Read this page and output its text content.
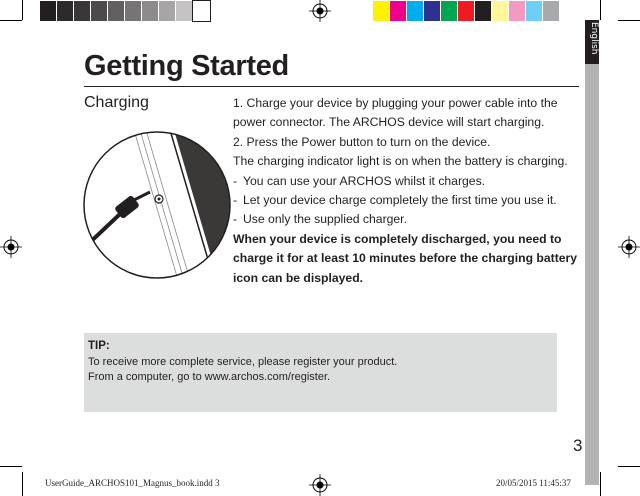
English
Getting Started
Charging	1. Charge your device by plugging your power cable into the power connector. The ARCHOS device will start charging.

2. Press the Power button to turn on the device.

The charging indicator light is on when the battery is charging.

- You can use your ARCHOS whilst it charges.
- Let your device charge completely the first time you use it.
- Use only the supplied charger.

When your device is completely discharged, you need to charge it for at least 10 minutes before the charging battery icon can be displayed.

TIP:
To receive more complete service, please register your product.
From a computer, go to www.archos.com/register.
3
UserGuide_ARCHOS101_Magnus_book.indd 3	20/05/2015 11:45:37
